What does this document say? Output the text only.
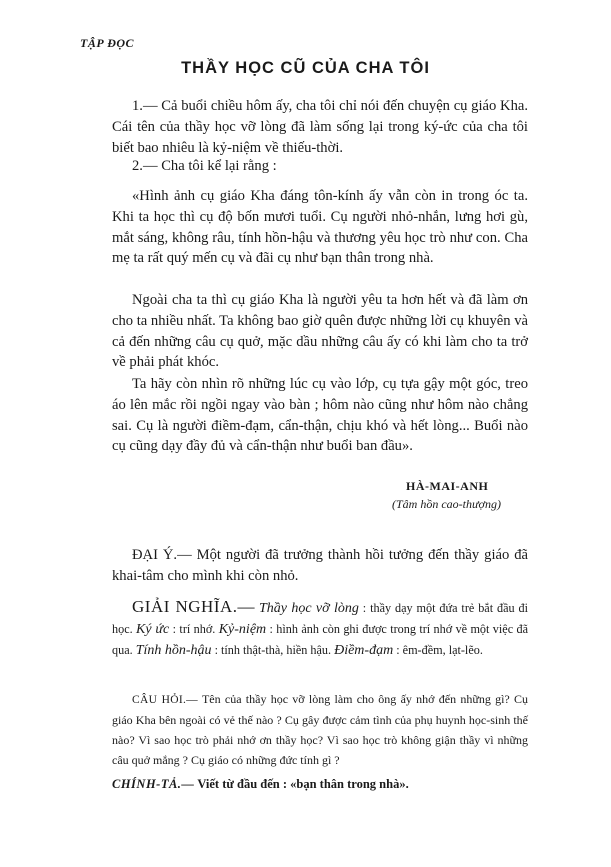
TẬP ĐỌC
THẦY HỌC CŨ CỦA CHA TÔI

1.— Cả buổi chiều hôm ấy, cha tôi chỉ nói đến chuyện cụ giáo Kha. Cái tên của thầy học vỡ lòng đã làm sống lại trong ký-ức của cha tôi biết bao nhiêu là kỷ-niệm về thiếu-thời.

2.— Cha tôi kể lại rằng :

«Hình ảnh cụ giáo Kha đáng tôn-kính ấy vẫn còn in trong óc ta. Khi ta học thì cụ độ bốn mươi tuổi. Cụ người nhỏ-nhắn, lưng hơi gù, mắt sáng, không râu, tính hồn-hậu và thương yêu học trò như con. Cha mẹ ta rất quý mến cụ và đãi cụ như bạn thân trong nhà.

Ngoài cha ta thì cụ giáo Kha là người yêu ta hơn hết và đã làm ơn cho ta nhiều nhất. Ta không bao giờ quên được những lời cụ khuyên và cả đến những câu cụ quở, mặc dầu những câu ấy có khi làm cho ta trở về phải phát khóc.

Ta hãy còn nhìn rõ những lúc cụ vào lớp, cụ tựa gậy một góc, treo áo lên mắc rồi ngồi ngay vào bàn ; hôm nào cũng như hôm nào chẳng sai. Cụ là người điềm-đạm, cẩn-thận, chịu khó và hết lòng... Buổi nào cụ cũng dạy đầy đủ và cẩn-thận như buổi ban đầu».

HÀ-MAI-ANH
(Tâm hồn cao-thượng)

ĐẠI Ý.— Một người đã trưởng thành hồi tưởng đến thầy giáo đã khai-tâm cho mình khi còn nhỏ.

GIẢI NGHĨA.— Thầy học vỡ lòng : thầy dạy một đứa trẻ bắt đầu đi học. Ký ức : trí nhớ. Kỷ-niệm : hình ảnh còn ghi được trong trí nhớ về một việc đã qua. Tính hồn-hậu : tính thật-thà, hiền hậu. Điềm-đạm : êm-đềm, lạt-lẽo.

CÂU HỎI.— Tên của thầy học vỡ lòng làm cho ông ấy nhớ đến những gì? Cụ giáo Kha bên ngoài có vẻ thế nào ? Cụ gây được cảm tình của phụ huynh học-sinh thế nào? Vì sao học trò phải nhớ ơn thầy học? Vì sao học trò không giận thầy vì những câu quở mắng ? Cụ giáo có những đức tính gì ?

CHÍNH-TẢ.— Viết từ đầu đến : «bạn thân trong nhà».
